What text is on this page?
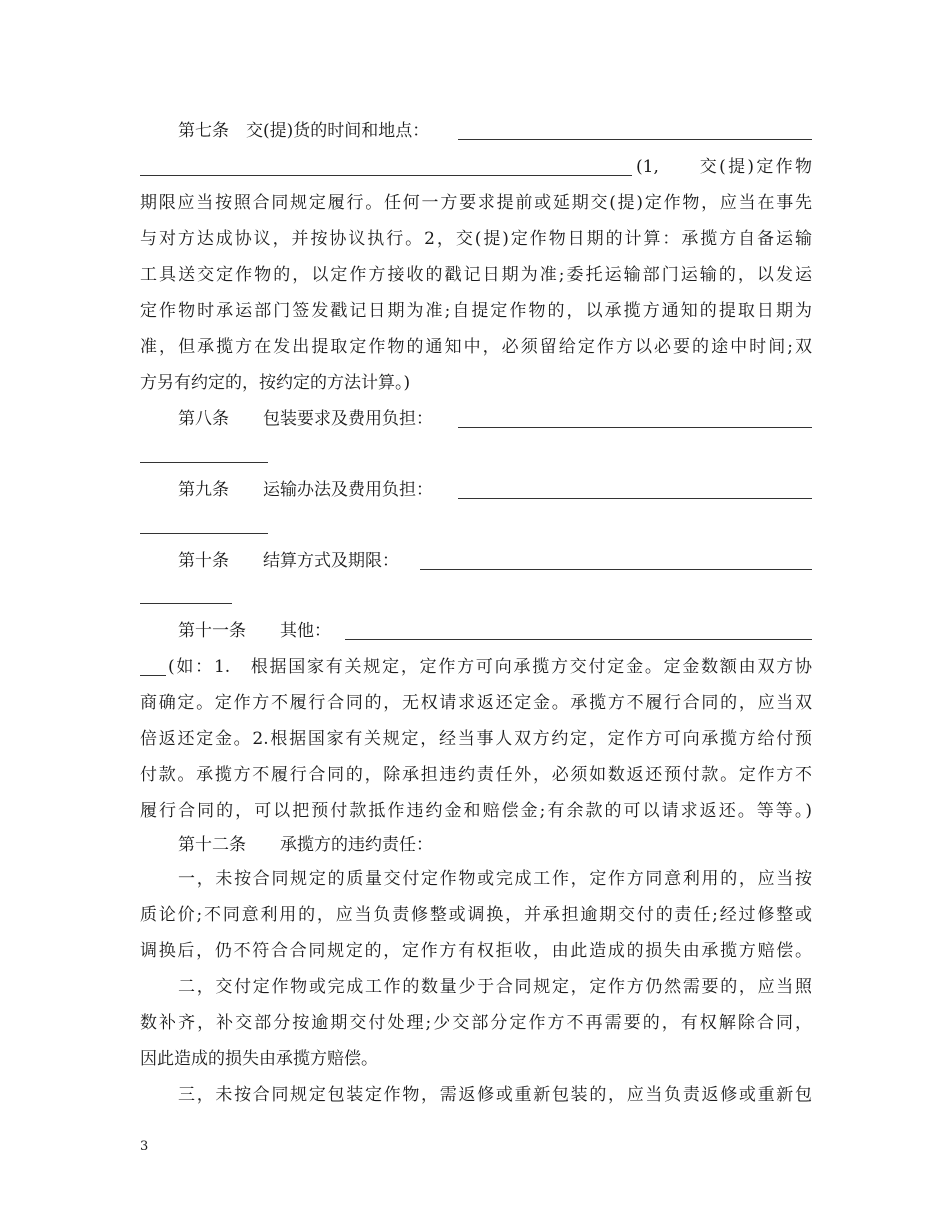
第七条　交(提)货的时间和地点：
(1,　　交(提)定作物
期限应当按照合同规定履行。任何一方要求提前或延期交(提)定作物，应当在事先
与对方达成协议，并按协议执行。2，交(提)定作物日期的计算：承揽方自备运输
工具送交定作物的，以定作方接收的戳记日期为准;委托运输部门运输的，以发运
定作物时承运部门签发戳记日期为准;自提定作物的，以承揽方通知的提取日期为
准，但承揽方在发出提取定作物的通知中，必须留给定作方以必要的途中时间;双
方另有约定的，按约定的方法计算。)
第八条　　包装要求及费用负担：
第九条　　运输办法及费用负担：
第十条　　结算方式及期限：
第十一条　　其他：
(如：1.　根据国家有关规定，定作方可向承揽方交付定金。定金数额由双方协
商确定。定作方不履行合同的，无权请求返还定金。承揽方不履行合同的，应当双
倍返还定金。2.根据国家有关规定，经当事人双方约定，定作方可向承揽方给付预
付款。承揽方不履行合同的，除承担违约责任外，必须如数返还预付款。定作方不
履行合同的，可以把预付款抵作违约金和赔偿金;有余款的可以请求返还。等等。)
第十二条　　承揽方的违约责任：
一，未按合同规定的质量交付定作物或完成工作，定作方同意利用的，应当按
质论价;不同意利用的，应当负责修整或调换，并承担逾期交付的责任;经过修整或
调换后，仍不符合合同规定的，定作方有权拒收，由此造成的损失由承揽方赔偿。
二，交付定作物或完成工作的数量少于合同规定，定作方仍然需要的，应当照
数补齐，补交部分按逾期交付处理;少交部分定作方不再需要的，有权解除合同，
因此造成的损失由承揽方赔偿。
三，未按合同规定包装定作物，需返修或重新包装的，应当负责返修或重新包
3
